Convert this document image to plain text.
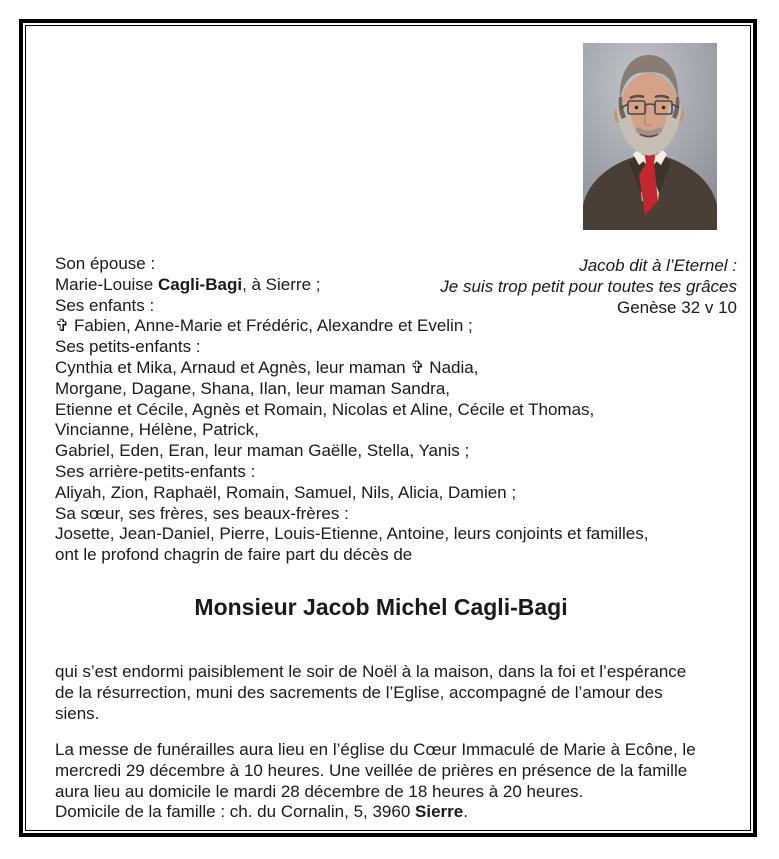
Jacob dit à l’Eternel :
Je suis trop petit pour toutes tes grâces
Genèse 32 v 10
Son épouse :
Marie-Louise Cagli-Bagi, à Sierre ;
Ses enfants :
✞ Fabien, Anne-Marie et Frédéric, Alexandre et Evelin ;
Ses petits-enfants :
Cynthia et Mika, Arnaud et Agnès, leur maman ✞ Nadia,
Morgane, Dagane, Shana, Ilan, leur maman Sandra,
Etienne et Cécile, Agnès et Romain, Nicolas et Aline, Cécile et Thomas,
Vincianne, Hélène, Patrick,
Gabriel, Eden, Eran, leur maman Gaëlle, Stella, Yanis ;
Ses arrière-petits-enfants :
Aliyah, Zion, Raphaël, Romain, Samuel, Nils, Alicia, Damien ;
Sa sœur, ses frères, ses beaux-frères :
Josette, Jean-Daniel, Pierre, Louis-Etienne, Antoine, leurs conjoints et familles,
ont le profond chagrin de faire part du décès de
Monsieur Jacob Michel Cagli-Bagi
qui s’est endormi paisiblement le soir de Noël à la maison, dans la foi et l’espérance
de la résurrection, muni des sacrements de l’Eglise, accompagné de l’amour des
siens.
La messe de funérailles aura lieu en l’église du Cœur Immaculé de Marie à Ecône, le
mercredi 29 décembre à 10 heures. Une veillée de prières en présence de la famille
aura lieu au domicile le mardi 28 décembre de 18 heures à 20 heures.
Domicile de la famille : ch. du Cornalin, 5, 3960 Sierre.
